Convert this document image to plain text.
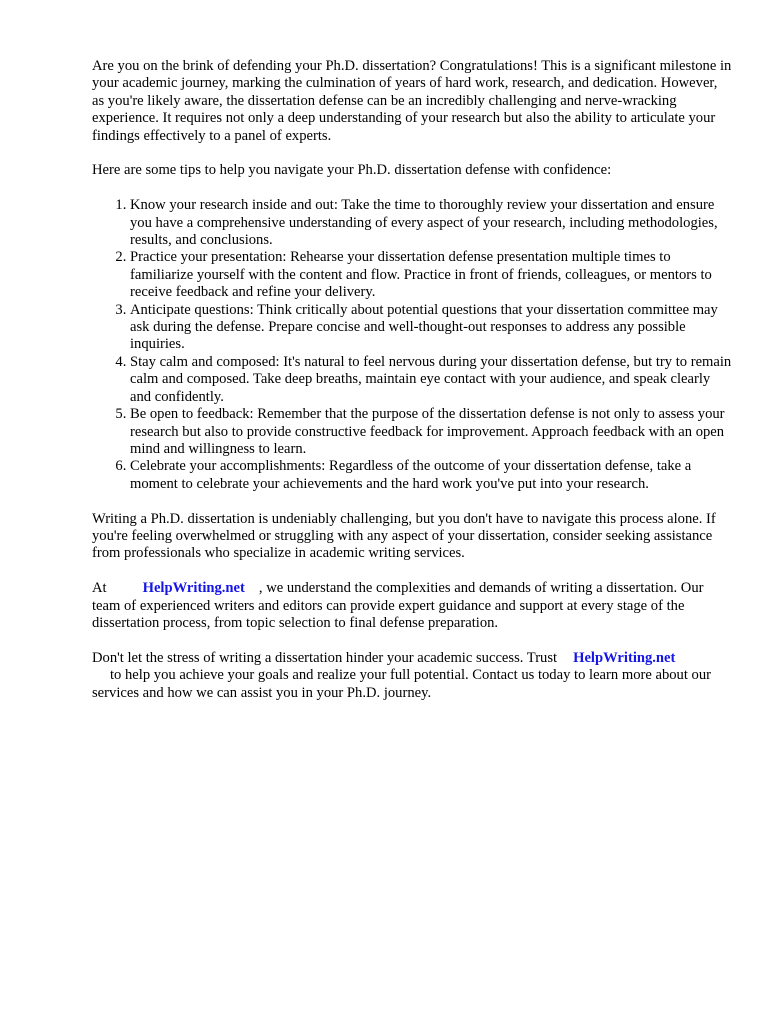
Are you on the brink of defending your Ph.D. dissertation? Congratulations! This is a significant milestone in your academic journey, marking the culmination of years of hard work, research, and dedication. However, as you're likely aware, the dissertation defense can be an incredibly challenging and nerve-wracking experience. It requires not only a deep understanding of your research but also the ability to articulate your findings effectively to a panel of experts.

Here are some tips to help you navigate your Ph.D. dissertation defense with confidence:

1. Know your research inside and out: Take the time to thoroughly review your dissertation and ensure you have a comprehensive understanding of every aspect of your research, including methodologies, results, and conclusions.
2. Practice your presentation: Rehearse your dissertation defense presentation multiple times to familiarize yourself with the content and flow. Practice in front of friends, colleagues, or mentors to receive feedback and refine your delivery.
3. Anticipate questions: Think critically about potential questions that your dissertation committee may ask during the defense. Prepare concise and well-thought-out responses to address any possible inquiries.
4. Stay calm and composed: It's natural to feel nervous during your dissertation defense, but try to remain calm and composed. Take deep breaths, maintain eye contact with your audience, and speak clearly and confidently.
5. Be open to feedback: Remember that the purpose of the dissertation defense is not only to assess your research but also to provide constructive feedback for improvement. Approach feedback with an open mind and willingness to learn.
6. Celebrate your accomplishments: Regardless of the outcome of your dissertation defense, take a moment to celebrate your achievements and the hard work you've put into your research.

Writing a Ph.D. dissertation is undeniably challenging, but you don't have to navigate this process alone. If you're feeling overwhelmed or struggling with any aspect of your dissertation, consider seeking assistance from professionals who specialize in academic writing services.

At HelpWriting.net , we understand the complexities and demands of writing a dissertation. Our team of experienced writers and editors can provide expert guidance and support at every stage of the dissertation process, from topic selection to final defense preparation.

Don't let the stress of writing a dissertation hinder your academic success. Trust HelpWriting.net
to help you achieve your goals and realize your full potential. Contact us today to learn more about our services and how we can assist you in your Ph.D. journey.
